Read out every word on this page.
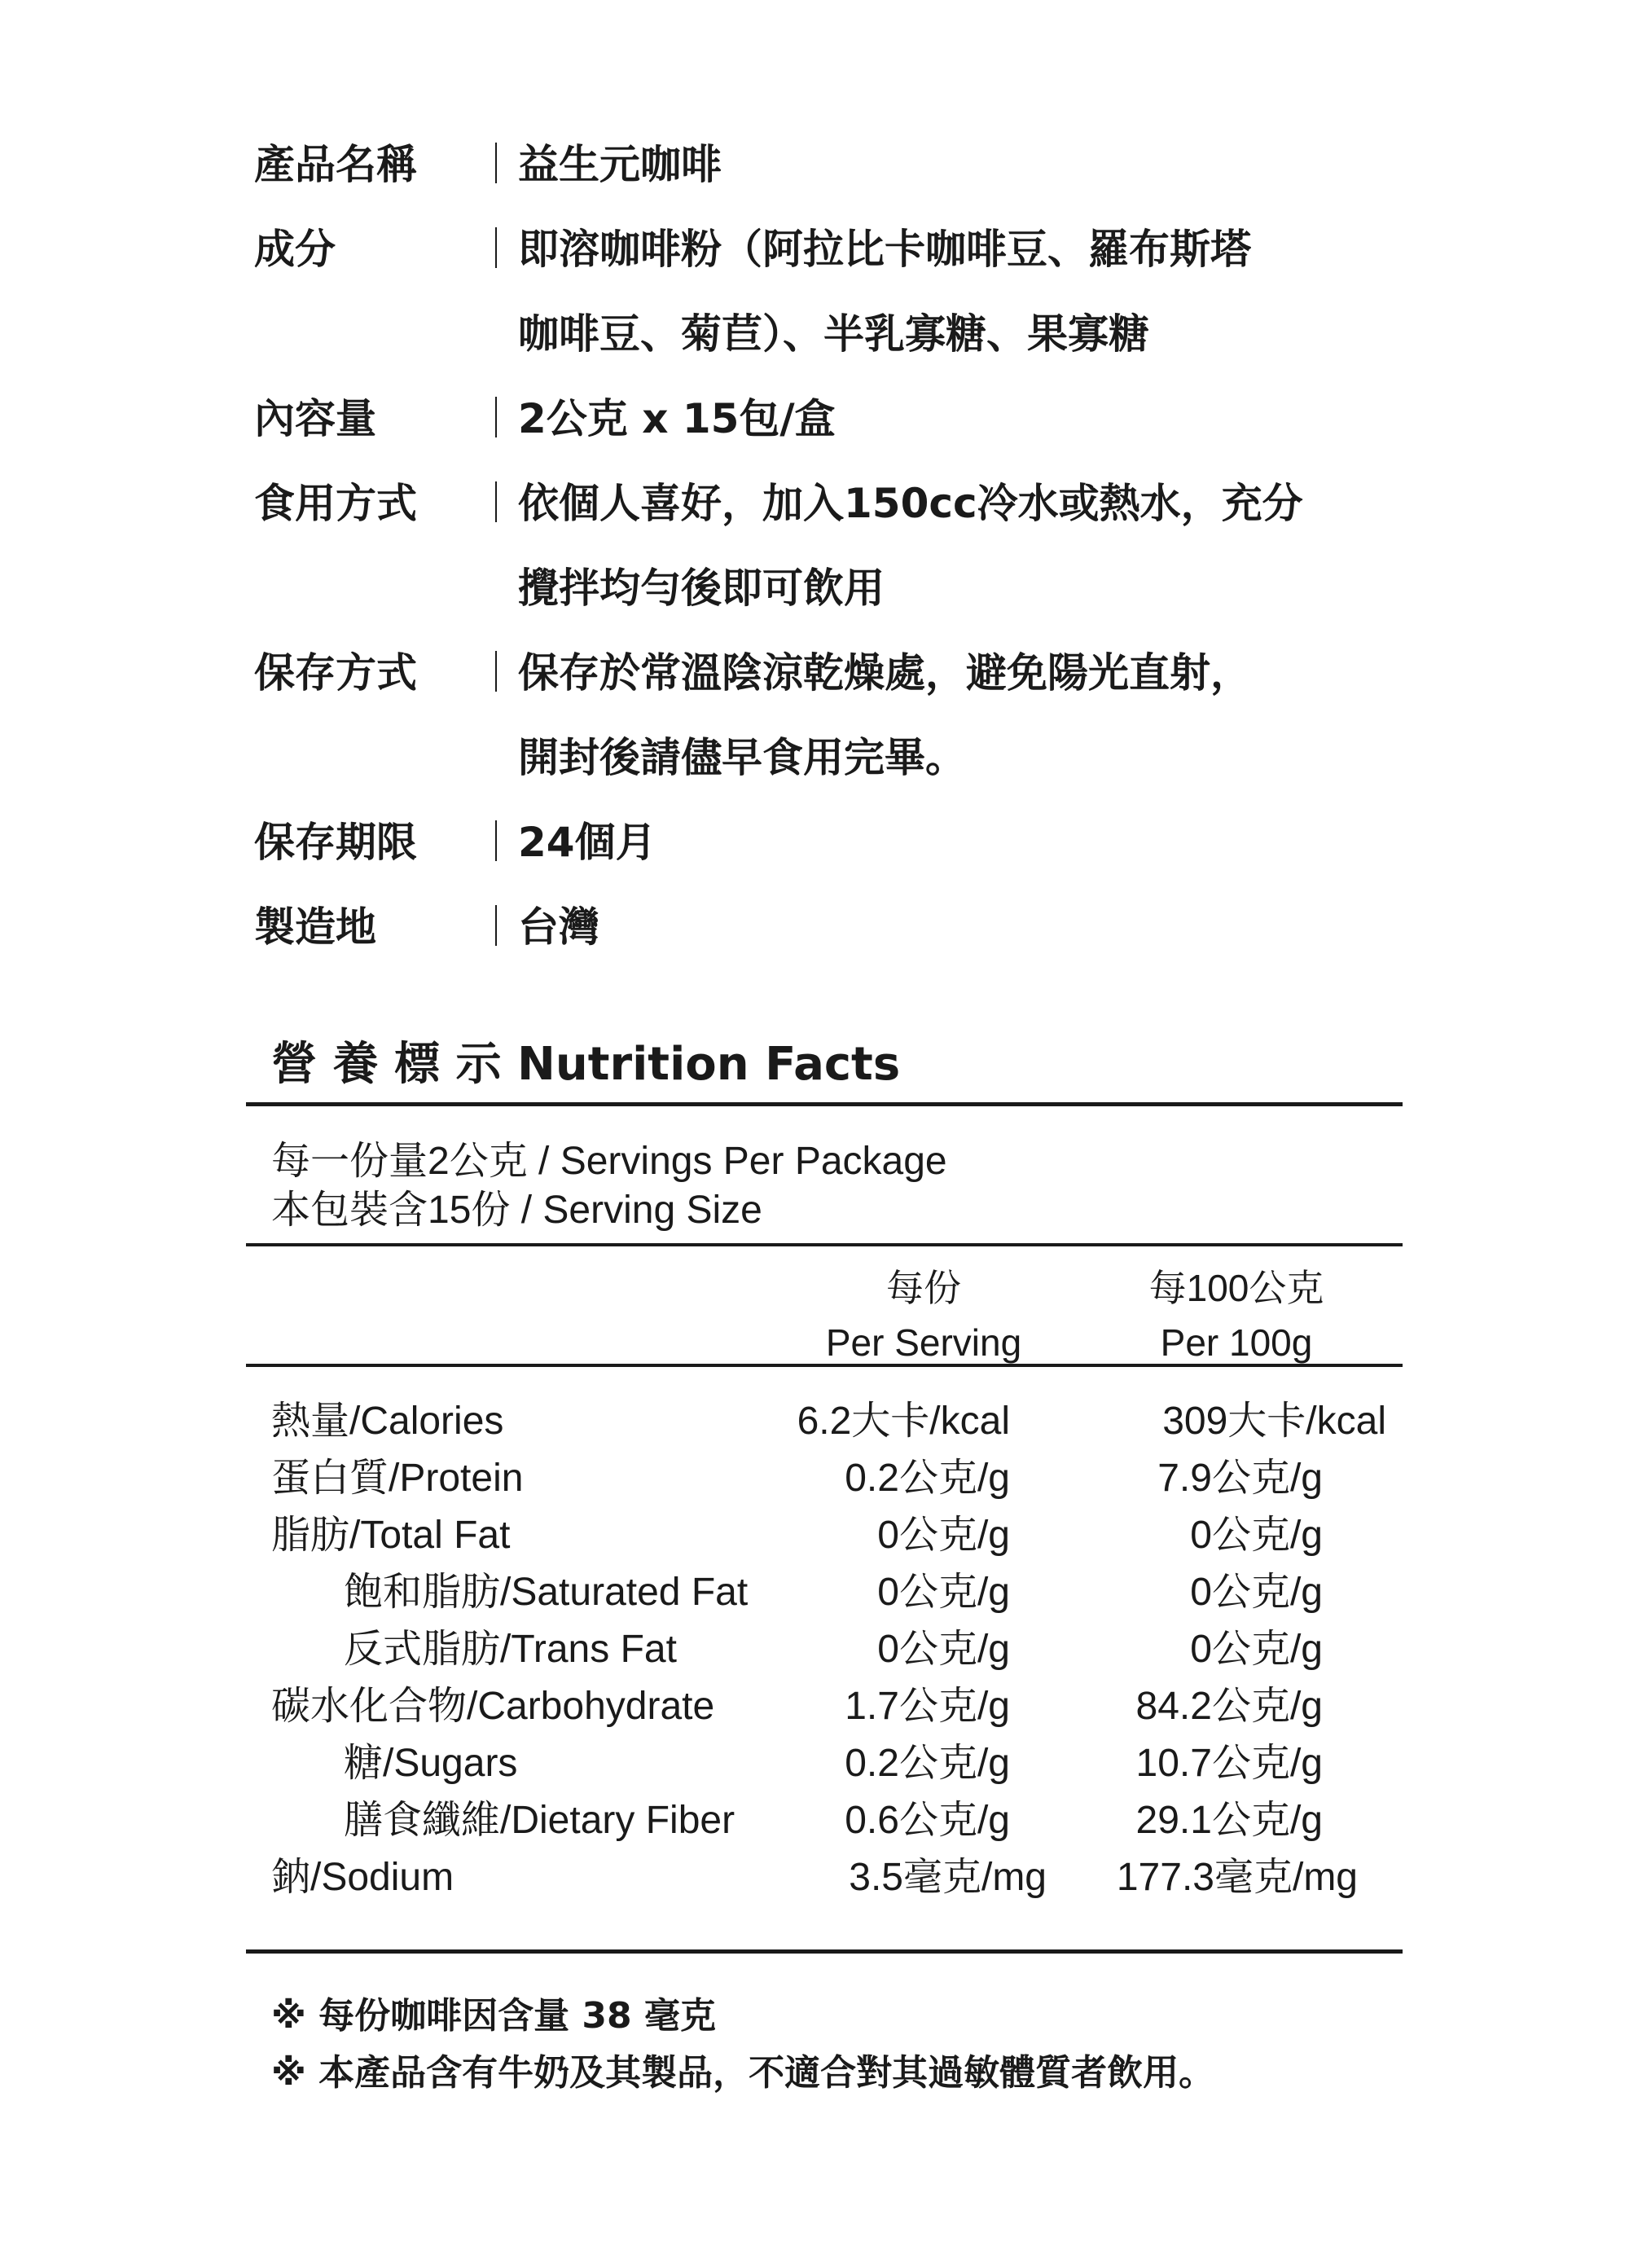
產品名稱	｜ 益生元咖啡
成分	｜ 即溶咖啡粉（阿拉比卡咖啡豆、羅布斯塔
咖啡豆、菊苣）、半乳寡糖、果寡糖
內容量	｜ 2公克 x 15包/盒
食用方式	｜ 依個人喜好，加入150cc冷水或熱水，充分
攪拌均勻後即可飲用
保存方式	｜ 保存於常溫陰涼乾燥處，避免陽光直射，
開封後請儘早食用完畢。
保存期限	｜ 24個月
製造地	｜ 台灣
營 養 標 示 Nutrition Facts
每一份量2公克 / Servings Per Package
本包裝含15份 / Serving Size
每份
Per Serving
每100公克
Per 100g
熱量/Calories	6.2大卡/kcal	309大卡/kcal
蛋白質/Protein	0.2公克/g	7.9公克/g
脂肪/Total Fat	0公克/g	0公克/g
飽和脂肪/Saturated Fat	0公克/g	0公克/g
反式脂肪/Trans Fat	0公克/g	0公克/g
碳水化合物/Carbohydrate	1.7公克/g	84.2公克/g
糖/Sugars	0.2公克/g	10.7公克/g
膳食纖維/Dietary Fiber	0.6公克/g	29.1公克/g
鈉/Sodium	3.5毫克/mg 177.3毫克/mg
※ 每份咖啡因含量 38 毫克
※ 本產品含有牛奶及其製品，不適合對其過敏體質者飲用。
